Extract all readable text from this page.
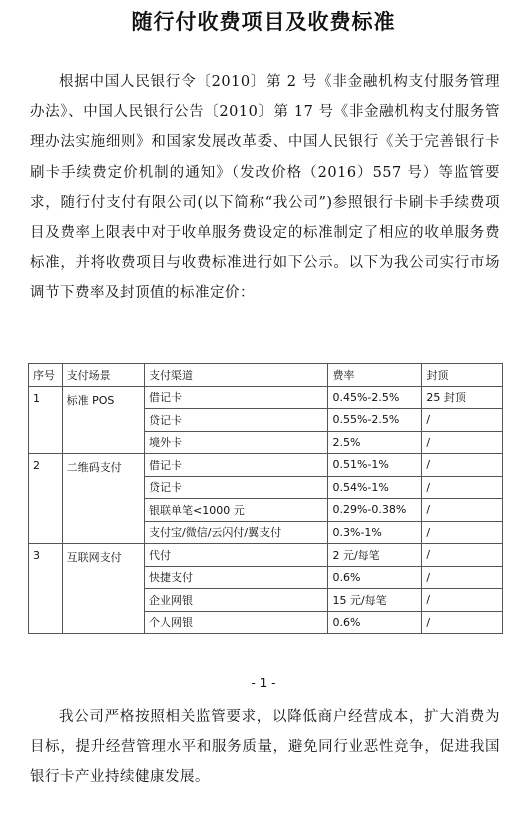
随行付收费项目及收费标准
根据中国人民银行令〔2010〕第 2 号《非金融机构支付服务管理办法》、中国人民银行公告〔2010〕第 17 号《非金融机构支付服务管理办法实施细则》和国家发展改革委、中国人民银行《关于完善银行卡刷卡手续费定价机制的通知》（发改价格（2016）557 号）等监管要求，随行付支付有限公司(以下简称“我公司”)参照银行卡刷卡手续费项目及费率上限表中对于收单服务费设定的标准制定了相应的收单服务费标准，并将收费项目与收费标准进行如下公示。以下为我公司实行市场调节下费率及封顶值的标准定价：
序号	支付场景	支付渠道	费率	封顶
1	标准 POS	借记卡	0.45%-2.5%	25 封顶
		贷记卡	0.55%-2.5%	/
		境外卡	2.5%	/
2	二维码支付	借记卡	0.51%-1%	/
		贷记卡	0.54%-1%	/
		银联单笔<1000 元	0.29%-0.38%	/
		支付宝/微信/云闪付/翼支付	0.3%-1%	/
3	互联网支付	代付	2 元/每笔	/
		快捷支付	0.6%	/
		企业网银	15 元/每笔	/
		个人网银	0.6%	/
- 1 -
我公司严格按照相关监管要求，以降低商户经营成本，扩大消费为目标，提升经营管理水平和服务质量，避免同行业恶性竞争，促进我国银行卡产业持续健康发展。
